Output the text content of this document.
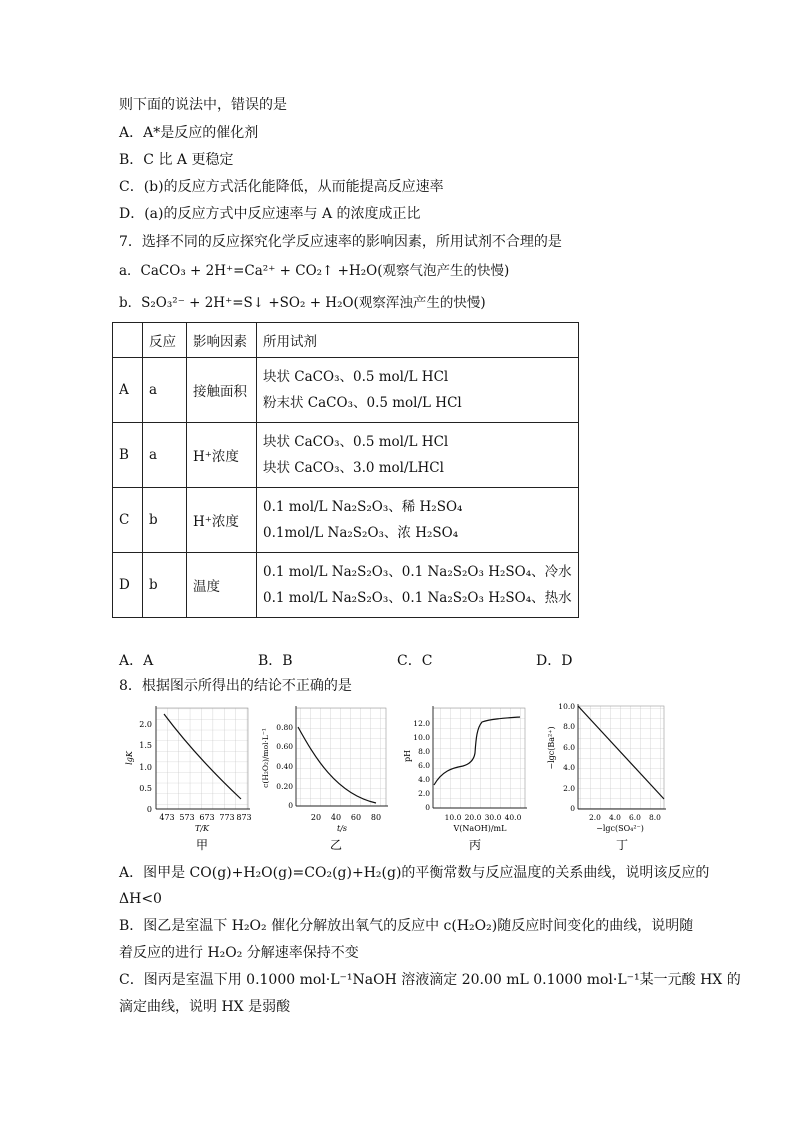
则下面的说法中，错误的是
A．A*是反应的催化剂
B．C 比 A 更稳定
C．(b)的反应方式活化能降低，从而能提高反应速率
D．(a)的反应方式中反应速率与 A 的浓度成正比
7．选择不同的反应探究化学反应速率的影响因素，所用试剂不合理的是
a．CaCO₃ + 2H⁺=Ca²⁺ + CO₂↑ +H₂O(观察气泡产生的快慢)
b．S₂O₃²⁻ + 2H⁺=S↓ +SO₂ + H₂O(观察浑浊产生的快慢)
	反应	影响因素	所用试剂
A	a	接触面积	块状 CaCO₃、0.5 mol/L HCl
粉末状 CaCO₃、0.5 mol/L HCl

B	a	H⁺浓度	块状 CaCO₃、0.5 mol/L HCl
块状 CaCO₃、3.0 mol/LHCl

C	b	H⁺浓度	0.1 mol/L Na₂S₂O₃、稀 H₂SO₄
0.1mol/L Na₂S₂O₃、浓 H₂SO₄

D	b	温度	0.1 mol/L Na₂S₂O₃、0.1 Na₂S₂O₃ H₂SO₄、冷水
0.1 mol/L Na₂S₂O₃、0.1 Na₂S₂O₃ H₂SO₄、热水
A．A	B．B	C．C	D．D
8．根据图示所得出的结论不正确的是
0
0.5
1.0
1.5
2.0
473 573 673 773 873
T/K
lgK
甲
0
0.20
0.40
0.60
0.80
20 40 60 80
t/s
c(H₂O₂)/mol·L⁻¹
乙
0
2.0
4.0
6.0
8.0
10.0
12.0
10.0 20.0 30.0 40.0
V(NaOH)/mL
pH
丙
0
2.0
4.0
6.0
8.0
10.0
2.0 4.0 6.0 8.0
−lgc(SO₄²⁻)
−lgc(Ba²⁺)
丁
A．图甲是 CO(g)+H₂O(g)=CO₂(g)+H₂(g)的平衡常数与反应温度的关系曲线，说明该反应的
ΔH<0
B．图乙是室温下 H₂O₂ 催化分解放出氧气的反应中 c(H₂O₂)随反应时间变化的曲线，说明随
着反应的进行 H₂O₂ 分解速率保持不变
C．图丙是室温下用 0.1000 mol·L⁻¹NaOH 溶液滴定 20.00 mL 0.1000 mol·L⁻¹某一元酸 HX 的
滴定曲线，说明 HX 是弱酸
